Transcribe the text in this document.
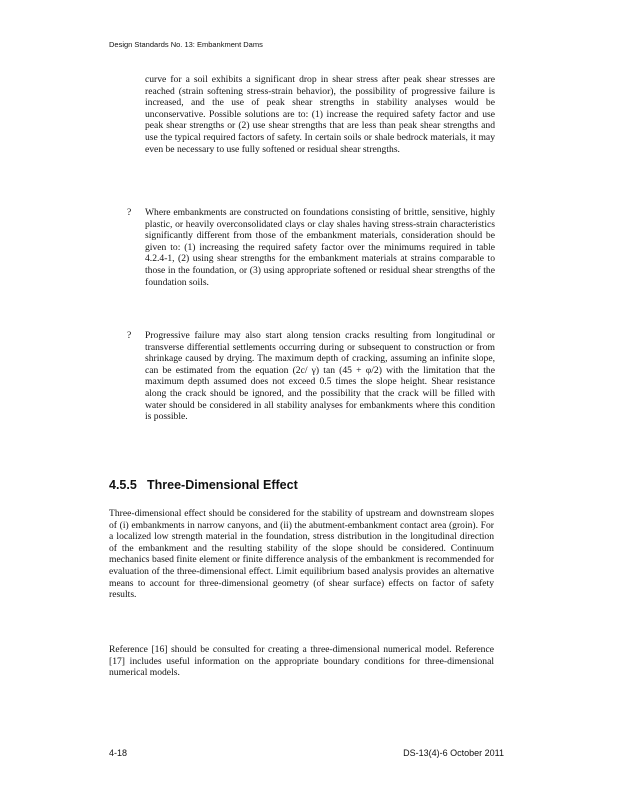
Design Standards No. 13: Embankment Dams
curve for a soil exhibits a significant drop in shear stress after peak shear stresses are reached (strain softening stress-strain behavior), the possibility of progressive failure is increased, and the use of peak shear strengths in stability analyses would be unconservative. Possible solutions are to: (1) increase the required safety factor and use peak shear strengths or (2) use shear strengths that are less than peak shear strengths and use the typical required factors of safety. In certain soils or shale bedrock materials, it may even be necessary to use fully softened or residual shear strengths.
? Where embankments are constructed on foundations consisting of brittle, sensitive, highly plastic, or heavily overconsolidated clays or clay shales having stress-strain characteristics significantly different from those of the embankment materials, consideration should be given to: (1) increasing the required safety factor over the minimums required in table 4.2.4-1, (2) using shear strengths for the embankment materials at strains comparable to those in the foundation, or (3) using appropriate softened or residual shear strengths of the foundation soils.
? Progressive failure may also start along tension cracks resulting from longitudinal or transverse differential settlements occurring during or subsequent to construction or from shrinkage caused by drying. The maximum depth of cracking, assuming an infinite slope, can be estimated from the equation (2c/ γ) tan (45 + φ/2) with the limitation that the maximum depth assumed does not exceed 0.5 times the slope height. Shear resistance along the crack should be ignored, and the possibility that the crack will be filled with water should be considered in all stability analyses for embankments where this condition is possible.
4.5.5 Three-Dimensional Effect
Three-dimensional effect should be considered for the stability of upstream and downstream slopes of (i) embankments in narrow canyons, and (ii) the abutment-embankment contact area (groin). For a localized low strength material in the foundation, stress distribution in the longitudinal direction of the embankment and the resulting stability of the slope should be considered. Continuum mechanics based finite element or finite difference analysis of the embankment is recommended for evaluation of the three-dimensional effect. Limit equilibrium based analysis provides an alternative means to account for three-dimensional geometry (of shear surface) effects on factor of safety results.
Reference [16] should be consulted for creating a three-dimensional numerical model. Reference [17] includes useful information on the appropriate boundary conditions for three-dimensional numerical models.
4-18	DS-13(4)-6 October 2011
